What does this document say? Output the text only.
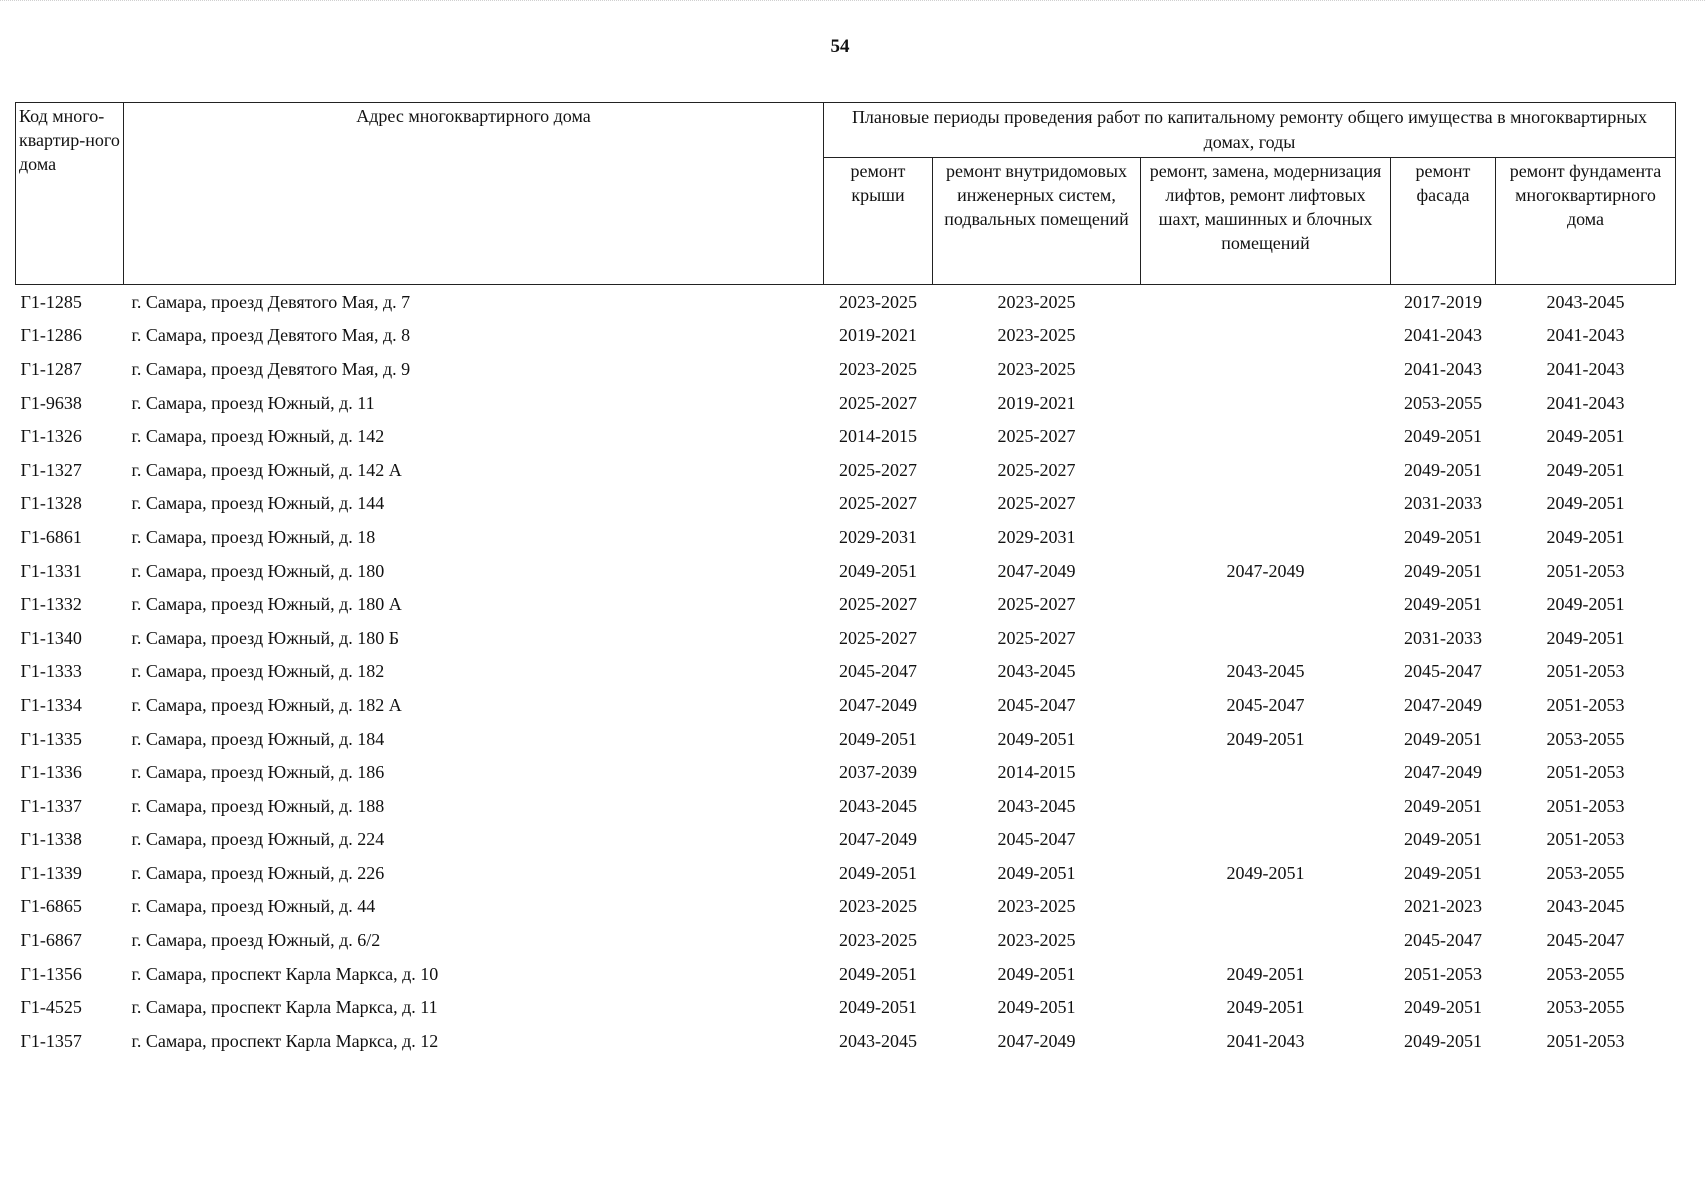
54
Код много-квартир-ного дома	Адрес многоквартирного дома	Плановые периоды проведения работ по капитальному ремонту общего имущества в многоквартирных домах, годы				
		ремонт крыши	ремонт внутридомовых инженерных систем, подвальных помещений	ремонт, замена, модернизация лифтов, ремонт лифтовых шахт, машинных и блочных помещений	ремонт фасада	ремонт фундамента многоквартирного дома
Г1-1285	г. Самара, проезд Девятого Мая, д. 7	2023-2025	2023-2025		2017-2019	2043-2045
Г1-1286	г. Самара, проезд Девятого Мая, д. 8	2019-2021	2023-2025		2041-2043	2041-2043
Г1-1287	г. Самара, проезд Девятого Мая, д. 9	2023-2025	2023-2025		2041-2043	2041-2043
Г1-9638	г. Самара, проезд Южный, д. 11	2025-2027	2019-2021		2053-2055	2041-2043
Г1-1326	г. Самара, проезд Южный, д. 142	2014-2015	2025-2027		2049-2051	2049-2051
Г1-1327	г. Самара, проезд Южный, д. 142 А	2025-2027	2025-2027		2049-2051	2049-2051
Г1-1328	г. Самара, проезд Южный, д. 144	2025-2027	2025-2027		2031-2033	2049-2051
Г1-6861	г. Самара, проезд Южный, д. 18	2029-2031	2029-2031		2049-2051	2049-2051
Г1-1331	г. Самара, проезд Южный, д. 180	2049-2051	2047-2049	2047-2049	2049-2051	2051-2053
Г1-1332	г. Самара, проезд Южный, д. 180 А	2025-2027	2025-2027		2049-2051	2049-2051
Г1-1340	г. Самара, проезд Южный, д. 180 Б	2025-2027	2025-2027		2031-2033	2049-2051
Г1-1333	г. Самара, проезд Южный, д. 182	2045-2047	2043-2045	2043-2045	2045-2047	2051-2053
Г1-1334	г. Самара, проезд Южный, д. 182 А	2047-2049	2045-2047	2045-2047	2047-2049	2051-2053
Г1-1335	г. Самара, проезд Южный, д. 184	2049-2051	2049-2051	2049-2051	2049-2051	2053-2055
Г1-1336	г. Самара, проезд Южный, д. 186	2037-2039	2014-2015		2047-2049	2051-2053
Г1-1337	г. Самара, проезд Южный, д. 188	2043-2045	2043-2045		2049-2051	2051-2053
Г1-1338	г. Самара, проезд Южный, д. 224	2047-2049	2045-2047		2049-2051	2051-2053
Г1-1339	г. Самара, проезд Южный, д. 226	2049-2051	2049-2051	2049-2051	2049-2051	2053-2055
Г1-6865	г. Самара, проезд Южный, д. 44	2023-2025	2023-2025		2021-2023	2043-2045
Г1-6867	г. Самара, проезд Южный, д. 6/2	2023-2025	2023-2025		2045-2047	2045-2047
Г1-1356	г. Самара, проспект Карла Маркса, д. 10	2049-2051	2049-2051	2049-2051	2051-2053	2053-2055
Г1-4525	г. Самара, проспект Карла Маркса, д. 11	2049-2051	2049-2051	2049-2051	2049-2051	2053-2055
Г1-1357	г. Самара, проспект Карла Маркса, д. 12	2043-2045	2047-2049	2041-2043	2049-2051	2051-2053
